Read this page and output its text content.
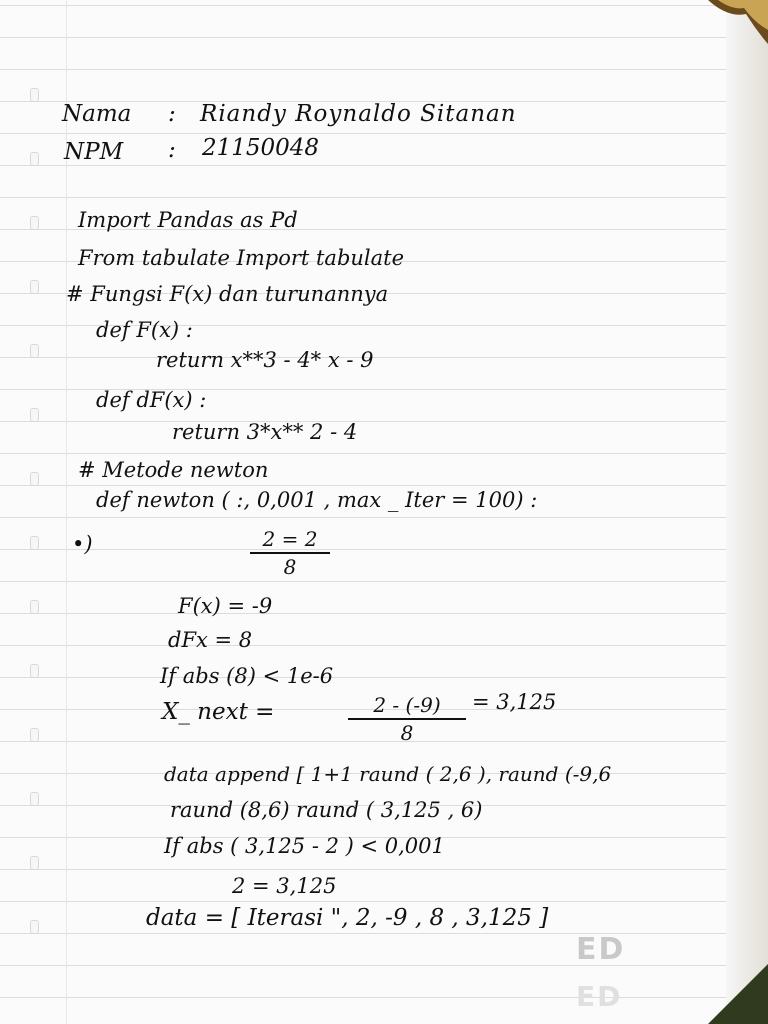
Nama : Riandy Roynaldo Sitanan
NPM : 21150048
Import Pandas as Pd
From tabulate Import tabulate
# Fungsi F(x) dan turunannya
def F(x) :
return x**3 - 4* x - 9
def dF(x) :
return 3*x** 2 - 4
# Metode newton
def newton ( :, 0,001 , max _ Iter = 100) :
•)	$\frac{2 = 2}{8}$
F(x) = -9
dFx = 8
If abs (8) < 1e-6
X_ next =	$\frac{2 - (-9)}{8} = 3,125$
data append [ 1+1 raund ( 2,6 ), raund (-9,6
raund (8,6) raund ( 3,125 , 6)
If abs ( 3,125 - 2 ) < 0,001
2 = 3,125
data = [ Iterasi ", 2, -9 , 8 , 3,125 ]
ED
ED
